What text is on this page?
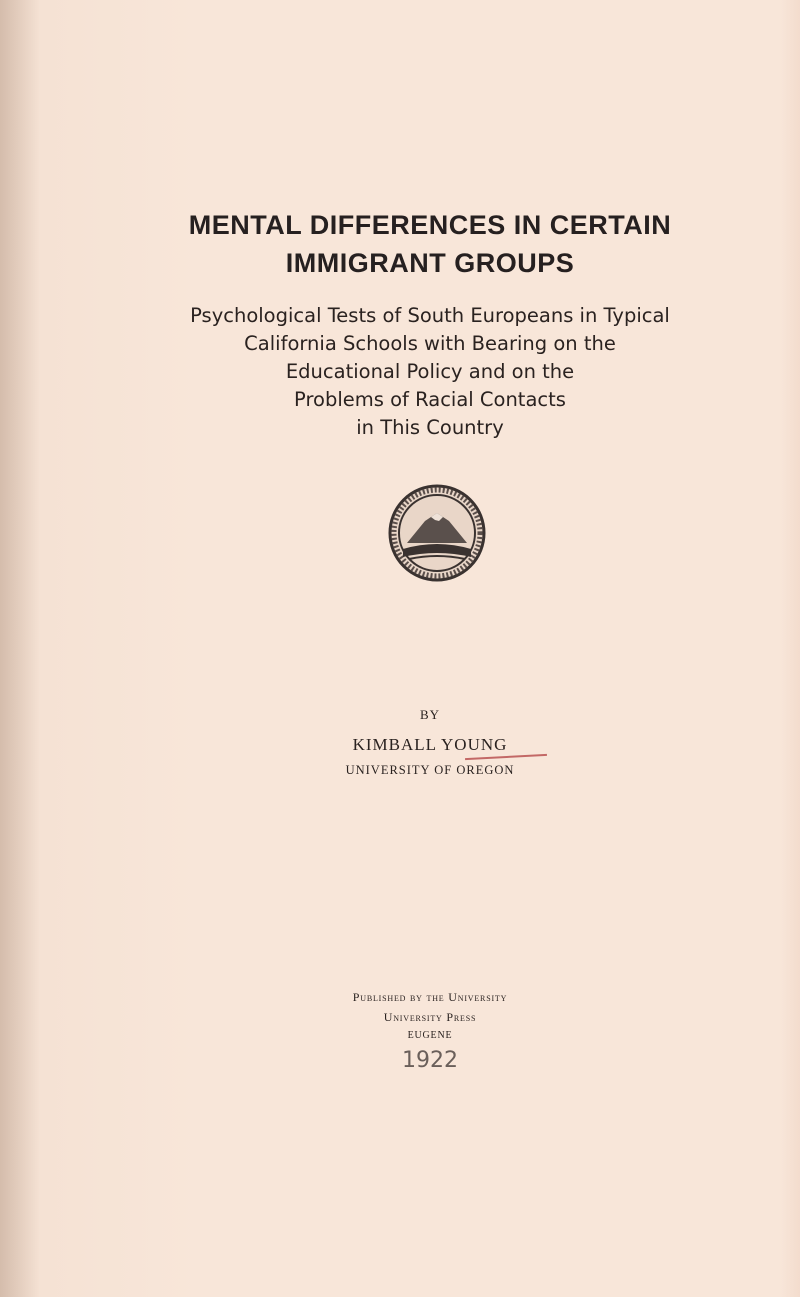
MENTAL DIFFERENCES IN CERTAIN
IMMIGRANT GROUPS
Psychological Tests of South Europeans in Typical
California Schools with Bearing on the
Educational Policy and on the
Problems of Racial Contacts
in This Country
BY
KIMBALL YOUNG
UNIVERSITY OF OREGON
Published by the University
University Press
EUGENE
1922
